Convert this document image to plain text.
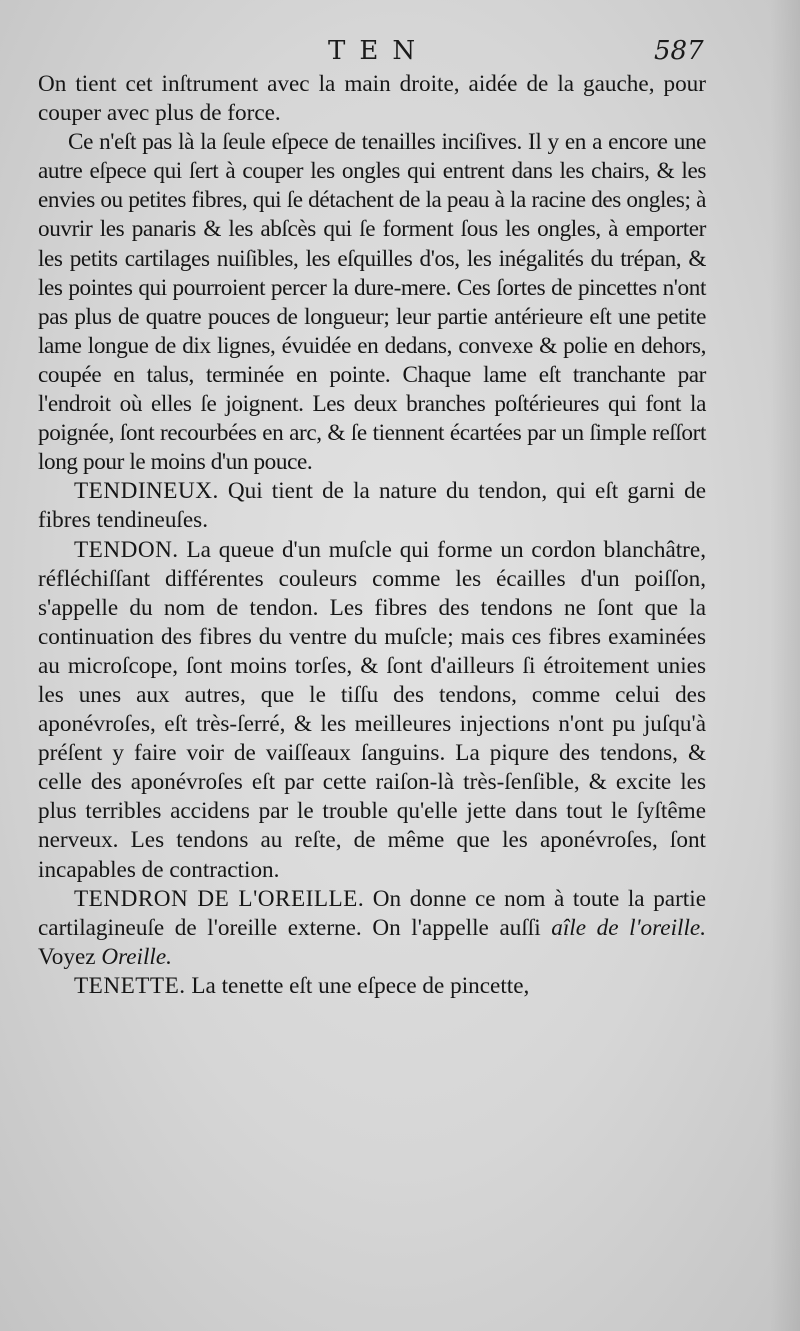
TEN	587

On tient cet inſtrument avec la main droite, aidée de la gauche, pour couper avec plus de force.

Ce n'eſt pas là la ſeule eſpece de tenailles inciſives. Il y en a encore une autre eſpece qui ſert à couper les ongles qui entrent dans les chairs, & les envies ou petites fibres, qui ſe détachent de la peau à la racine des ongles; à ouvrir les panaris & les abſcès qui ſe forment ſous les ongles, à emporter les petits cartilages nuiſibles, les eſquilles d'os, les inégalités du trépan, & les pointes qui pourroient percer la dure-mere. Ces ſortes de pincettes n'ont pas plus de quatre pouces de longueur; leur partie antérieure eſt une petite lame longue de dix lignes, évuidée en dedans, convexe & polie en dehors, coupée en talus, terminée en pointe. Chaque lame eſt tranchante par l'endroit où elles ſe joignent. Les deux branches poſtérieures qui font la poignée, ſont recourbées en arc, & ſe tiennent écartées par un ſimple reſſort long pour le moins d'un pouce.

TENDINEUX. Qui tient de la nature du tendon, qui eſt garni de fibres tendineuſes.

TENDON. La queue d'un muſcle qui forme un cordon blanchâtre, réfléchiſſant différentes couleurs comme les écailles d'un poiſſon, s'appelle du nom de tendon. Les fibres des tendons ne ſont que la continuation des fibres du ventre du muſcle; mais ces fibres examinées au microſcope, ſont moins torſes, & ſont d'ailleurs ſi étroitement unies les unes aux autres, que le tiſſu des tendons, comme celui des aponévroſes, eſt très-ſerré, & les meilleures injections n'ont pu juſqu'à préſent y faire voir de vaiſſeaux ſanguins. La piqure des tendons, & celle des aponévroſes eſt par cette raiſon-là très-ſenſible, & excite les plus terribles accidens par le trouble qu'elle jette dans tout le ſyſtême nerveux. Les tendons au reſte, de même que les aponévroſes, ſont incapables de contraction.

TENDRON DE L'OREILLE. On donne ce nom à toute la partie cartilagineuſe de l'oreille externe. On l'appelle auſſi aîle de l'oreille. Voyez Oreille.

TENETTE. La tenette eſt une eſpece de pincette,
